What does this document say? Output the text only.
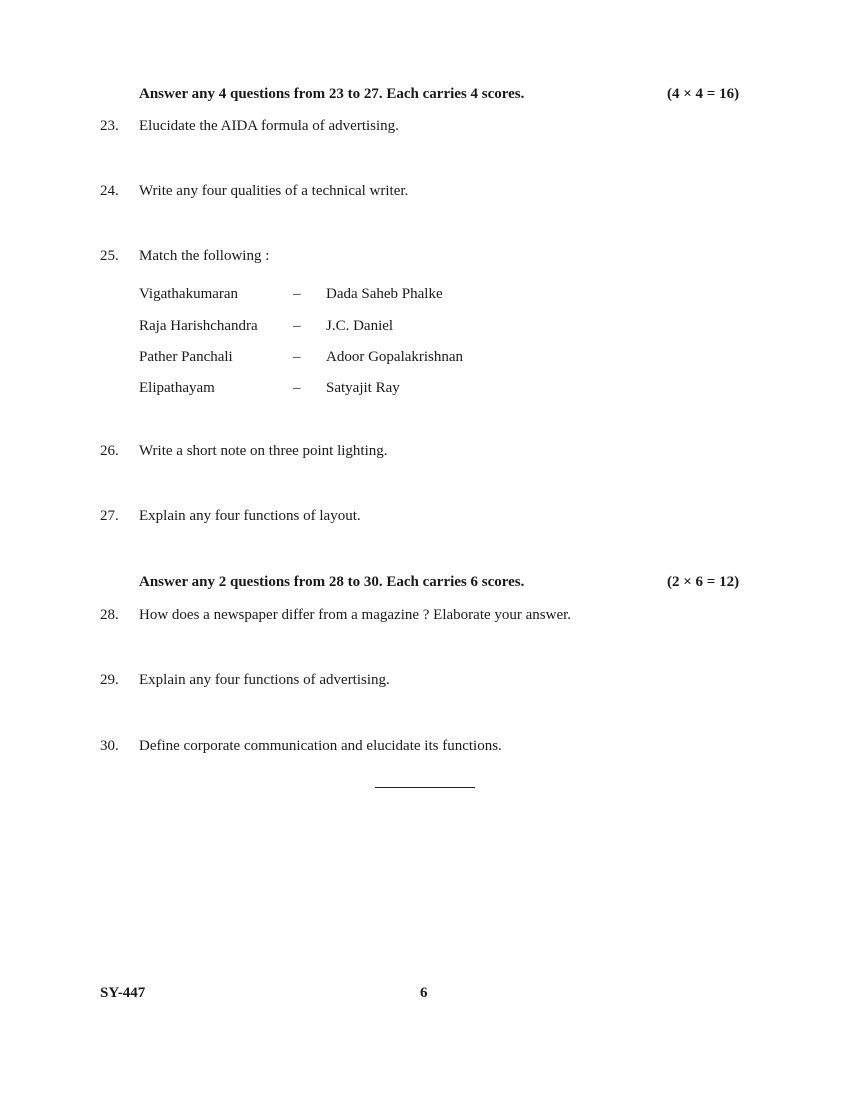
Answer any 4 questions from 23 to 27. Each carries 4 scores.	(4 × 4 = 16)
23. Elucidate the AIDA formula of advertising.
24. Write any four qualities of a technical writer.
25. Match the following :
Vigathakumaran	– Dada Saheb Phalke
Raja Harishchandra – J.C. Daniel
Pather Panchali	– Adoor Gopalakrishnan
Elipathayam	– Satyajit Ray
26. Write a short note on three point lighting.
27. Explain any four functions of layout.
Answer any 2 questions from 28 to 30. Each carries 6 scores.	(2 × 6 = 12)
28. How does a newspaper differ from a magazine ? Elaborate your answer.
29. Explain any four functions of advertising.
30. Define corporate communication and elucidate its functions.
SY-447	6
